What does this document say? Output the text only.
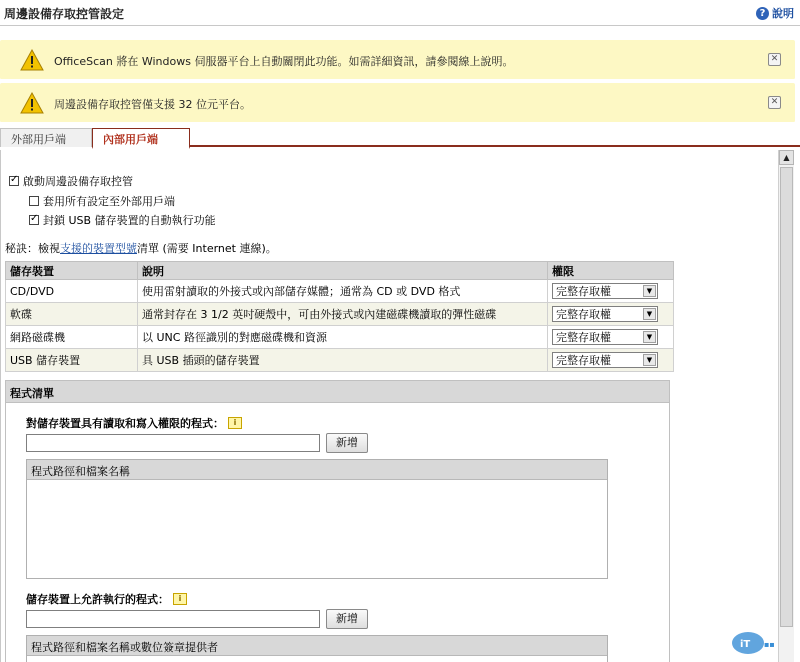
周邊設備存取控管設定	? 說明
OfficeScan 將在 Windows 伺服器平台上自動關閉此功能。如需詳細資訊，請參閱線上說明。	✕
周邊設備存取控管僅支援 32 位元平台。	✕
外部用戶端	內部用戶端
✓
啟動周邊設備存取控管
套用所有設定至外部用戶端
✓
封鎖 USB 儲存裝置的自動執行功能
秘訣：檢視支援的裝置型號清單 (需要 Internet 連線)。
儲存裝置	說明	權限
CD/DVD	使用雷射讀取的外接式或內部儲存媒體；通常為 CD 或 DVD 格式	完整存取權 ▼

軟碟	通常封存在 3 1/2 英吋硬殼中，可由外接式或內建磁碟機讀取的彈性磁碟	完整存取權 ▼

網路磁碟機	以 UNC 路徑識別的對應磁碟機和資源	完整存取權 ▼

USB 儲存裝置	具 USB 插頭的儲存裝置	完整存取權 ▼
程式清單
對儲存裝置具有讀取和寫入權限的程式：	i
新增
程式路徑和檔案名稱
儲存裝置上允許執行的程式：	i
新增
程式路徑和檔案名稱或數位簽章提供者
▲
iT ▪▪
